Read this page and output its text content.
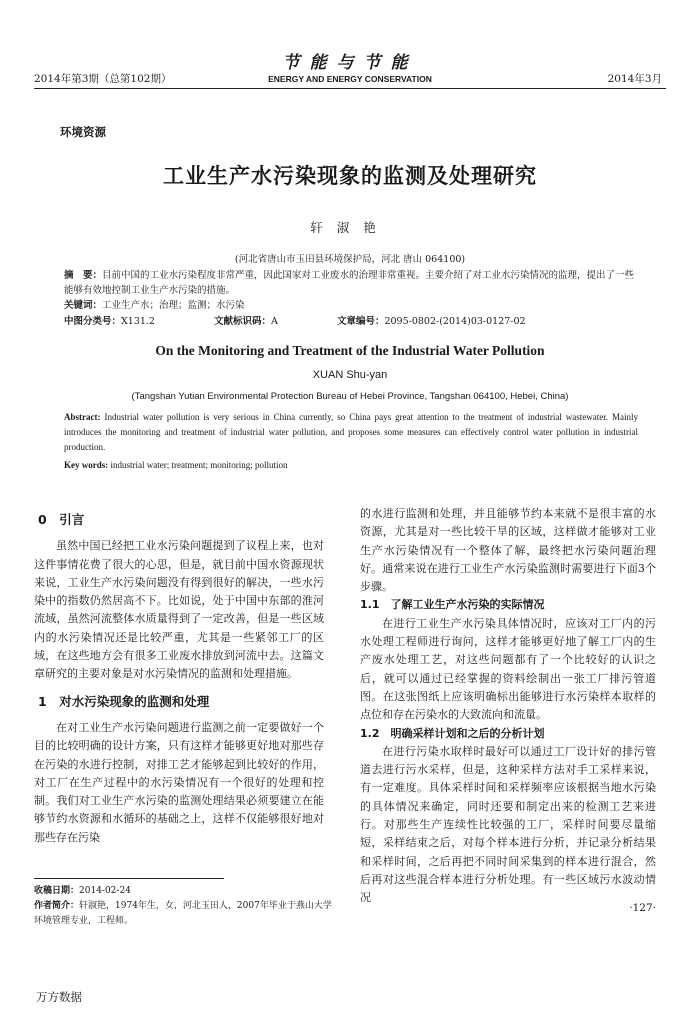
2014年第3期（总第102期）
节能与节能
ENERGY AND ENERGY CONSERVATION	2014年3月
环境资源
工业生产水污染现象的监测及处理研究
轩淑艳
(河北省唐山市玉田县环境保护局，河北 唐山 064100)
摘　要：目前中国的工业水污染程度非常严重，因此国家对工业废水的治理非常重视。主要介绍了对工业水污染情况的监理，提出了一些能够有效地控制工业生产水污染的措施。
关键词：工业生产水；治理；监测；水污染
中图分类号：X131.2	文献标识码：A	文章编号：2095-0802-(2014)03-0127-02
On the Monitoring and Treatment of the Industrial Water Pollution
XUAN Shu-yan
(Tangshan Yutian Environmental Protection Bureau of Hebei Province, Tangshan 064100, Hebei, China)
Abstract: Industrial water pollution is very serious in China currently, so China pays great attention to the treatment of industrial wastewater. Mainly introduces the monitoring and treatment of industrial water pollution, and proposes some measures can effectively control water pollution in industrial production.
Key words: industrial water; treatment; monitoring; pollution
0　引言

虽然中国已经把工业水污染问题提到了议程上来，也对这件事情花费了很大的心思，但是，就目前中国水资源现状来说，工业生产水污染问题没有得到很好的解决，一些水污染中的指数仍然居高不下。比如说，处于中国中东部的淮河流域，虽然河流整体水质量得到了一定改善，但是一些区域内的水污染情况还是比较严重，尤其是一些紧邻工厂的区域，在这些地方会有很多工业废水排放到河流中去。这篇文章研究的主要对象是对水污染情况的监测和处理措施。

1　对水污染现象的监测和处理

在对工业生产水污染问题进行监测之前一定要做好一个目的比较明确的设计方案，只有这样才能够更好地对那些存在污染的水进行控制，对排工艺才能够起到比较好的作用，对工厂在生产过程中的水污染情况有一个很好的处理和控制。我们对工业生产水污染的监测处理结果必须要建立在能够节约水资源和水循环的基础之上，这样不仅能够很好地对那些存在污染

的水进行监测和处理，并且能够节约本来就不是很丰富的水资源，尤其是对一些比较干旱的区域，这样做才能够对工业生产水污染情况有一个整体了解，最终把水污染问题治理好。通常来说在进行工业生产水污染监测时需要进行下面3个步骤。

1.1　了解工业生产水污染的实际情况

在进行工业生产水污染具体情况时，应该对工厂内的污水处理工程师进行询问，这样才能够更好地了解工厂内的生产废水处理工艺，对这些问题都有了一个比较好的认识之后，就可以通过已经掌握的资料绘制出一张工厂排污管道图。在这张图纸上应该明确标出能够进行水污染样本取样的点位和存在污染水的大致流向和流量。

1.2　明确采样计划和之后的分析计划

在进行污染水取样时最好可以通过工厂设计好的排污管道去进行污水采样，但是，这种采样方法对手工采样来说，有一定难度。具体采样时间和采样频率应该根据当地水污染的具体情况来确定，同时还要和制定出来的检测工艺来进行。对那些生产连续性比较强的工厂，采样时间要尽量缩短，采样结束之后，对每个样本进行分析，并记录分析结果和采样时间，之后再把不同时间采集到的样本进行混合，然后再对这些混合样本进行分析处理。有一些区域污水波动情况

收稿日期：2014-02-24
作者简介：轩淑艳，1974年生，女，河北玉田人，2007年毕业于燕山大学环境管理专业，工程师。
·127·
万方数据
